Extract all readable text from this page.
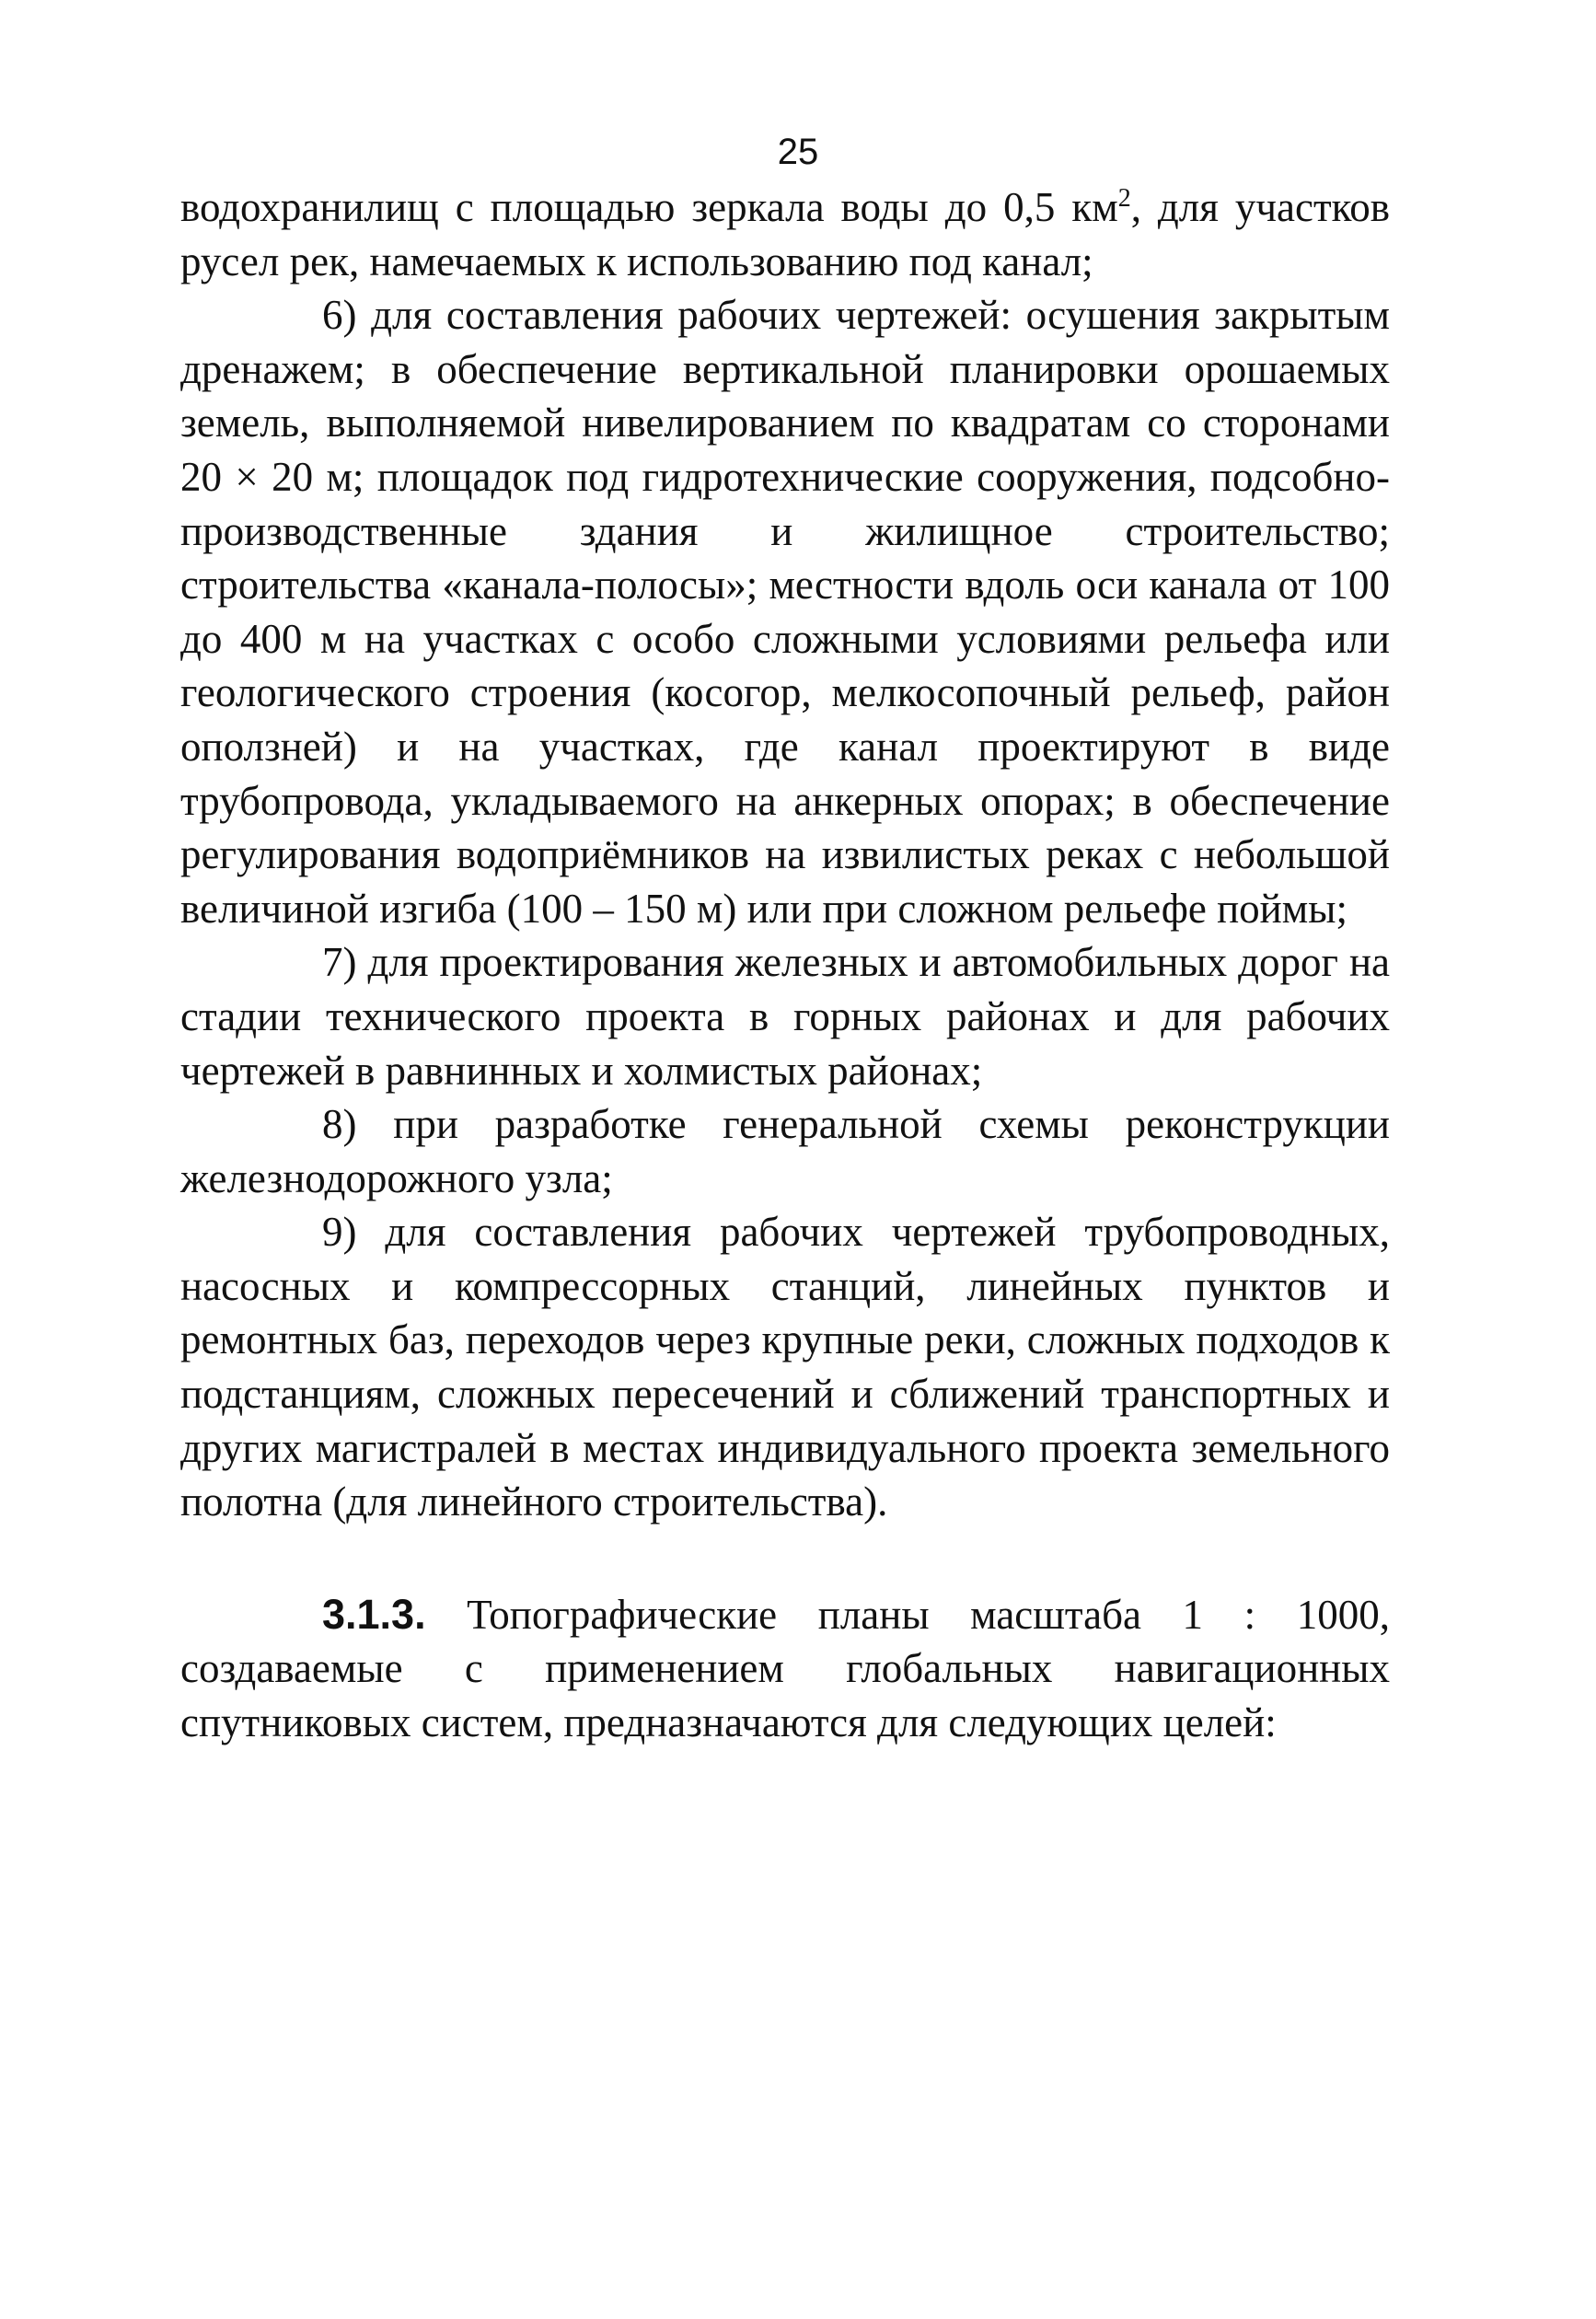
25

водохранилищ с площадью зеркала воды до 0,5 $км^2$, для участков русел рек, намечаемых к использованию под канал;

6) для составления рабочих чертежей: осушения закрытым дренажем; в обеспечение вертикальной планировки орошаемых земель, выполняемой нивелированием по квадратам со сторонами 20 × 20 м; площадок под гидротехнические сооружения, подсобно-производственные здания и жилищное строительство; строительства «канала-полосы»; местности вдоль оси канала от 100 до 400 м на участках с особо сложными условиями рельефа или геологического строения (косогор, мелкосопочный рельеф, район оползней) и на участках, где канал проектируют в виде трубопровода, укладываемого на анкерных опорах; в обеспечение регулирования водоприёмников на извилистых реках с небольшой величиной изгиба (100 – 150 м) или при сложном рельефе поймы;

7) для проектирования железных и автомобильных дорог на стадии технического проекта в горных районах и для рабочих чертежей в равнинных и холмистых районах;

8) при разработке генеральной схемы реконструкции железнодорожного узла;

9) для составления рабочих чертежей трубопроводных, насосных и компрессорных станций, линейных пунктов и ремонтных баз, переходов через крупные реки, сложных подходов к подстанциям, сложных пересечений и сближений транспортных и других магистралей в местах индивидуального проекта земельного полотна (для линейного строительства).

3.1.3. Топографические планы масштаба 1 : 1000, создаваемые с применением глобальных навигационных спутниковых систем, предназначаются для следующих целей:
